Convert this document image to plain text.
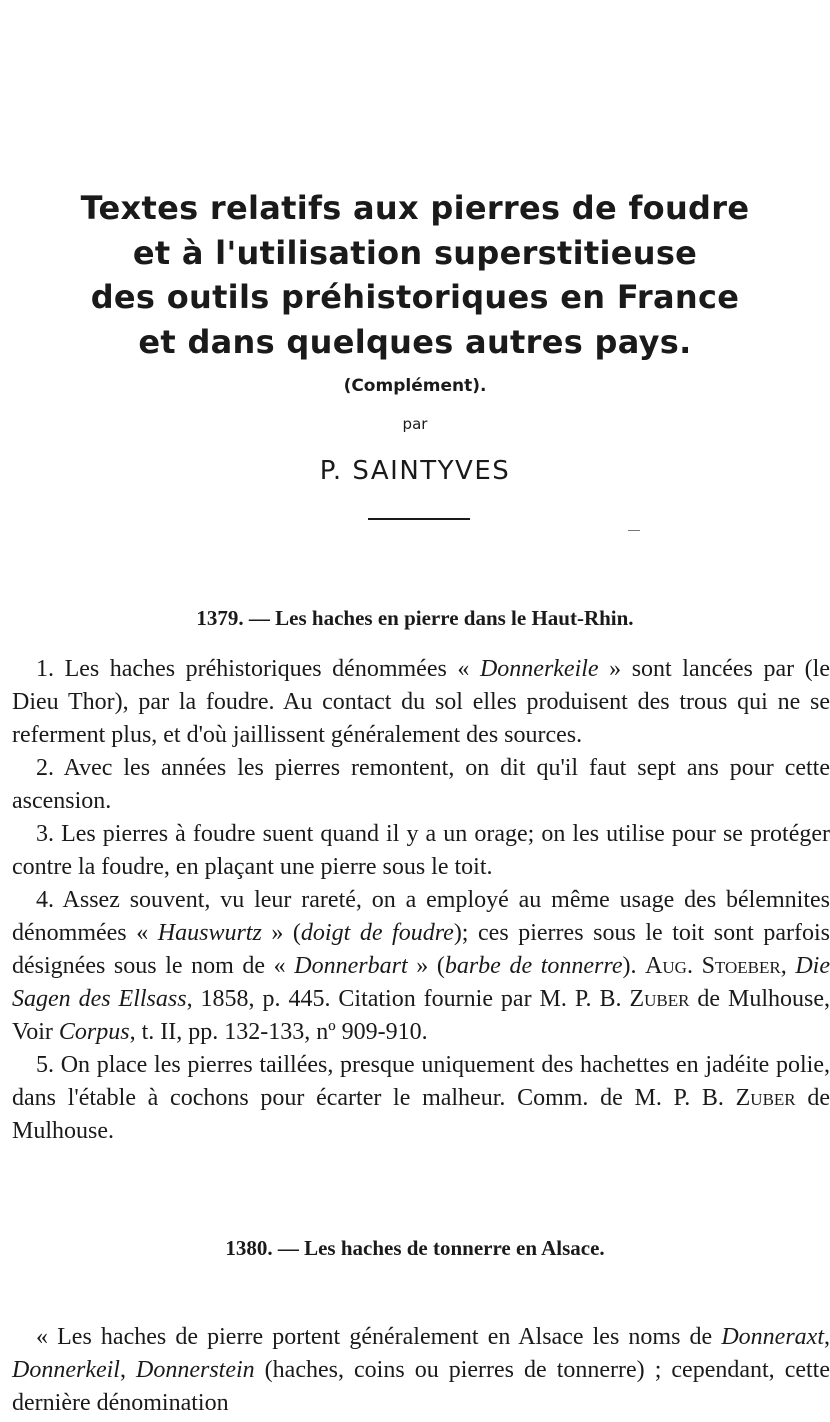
Textes relatifs aux pierres de foudre
et à l'utilisation superstitieuse
des outils préhistoriques en France
et dans quelques autres pays.
(Complément).
par
P. SAINTYVES
1379. — Les haches en pierre dans le Haut-Rhin.

1. Les haches préhistoriques dénommées « Donnerkeile » sont lancées par (le Dieu Thor), par la foudre. Au contact du sol elles produisent des trous qui ne se referment plus, et d'où jaillissent généralement des sources.

2. Avec les années les pierres remontent, on dit qu'il faut sept ans pour cette ascension.

3. Les pierres à foudre suent quand il y a un orage; on les utilise pour se protéger contre la foudre, en plaçant une pierre sous le toit.

4. Assez souvent, vu leur rareté, on a employé au même usage des bélemnites dénommées « Hauswurtz » (doigt de foudre); ces pierres sous le toit sont parfois désignées sous le nom de « Donnerbart » (barbe de tonnerre). Aug. Stoeber, Die Sagen des Ellsass, 1858, p. 445. Citation fournie par M. P. B. Zuber de Mulhouse, Voir Corpus, t. II, pp. 132-133, nº 909-910.

5. On place les pierres taillées, presque uniquement des hachettes en jadéite polie, dans l'étable à cochons pour écarter le malheur. Comm. de M. P. B. Zuber de Mulhouse.

1380. — Les haches de tonnerre en Alsace.

« Les haches de pierre portent généralement en Alsace les noms de Donneraxt, Donnerkeil, Donnerstein (haches, coins ou pierres de tonnerre) ; cependant, cette dernière dénomination
